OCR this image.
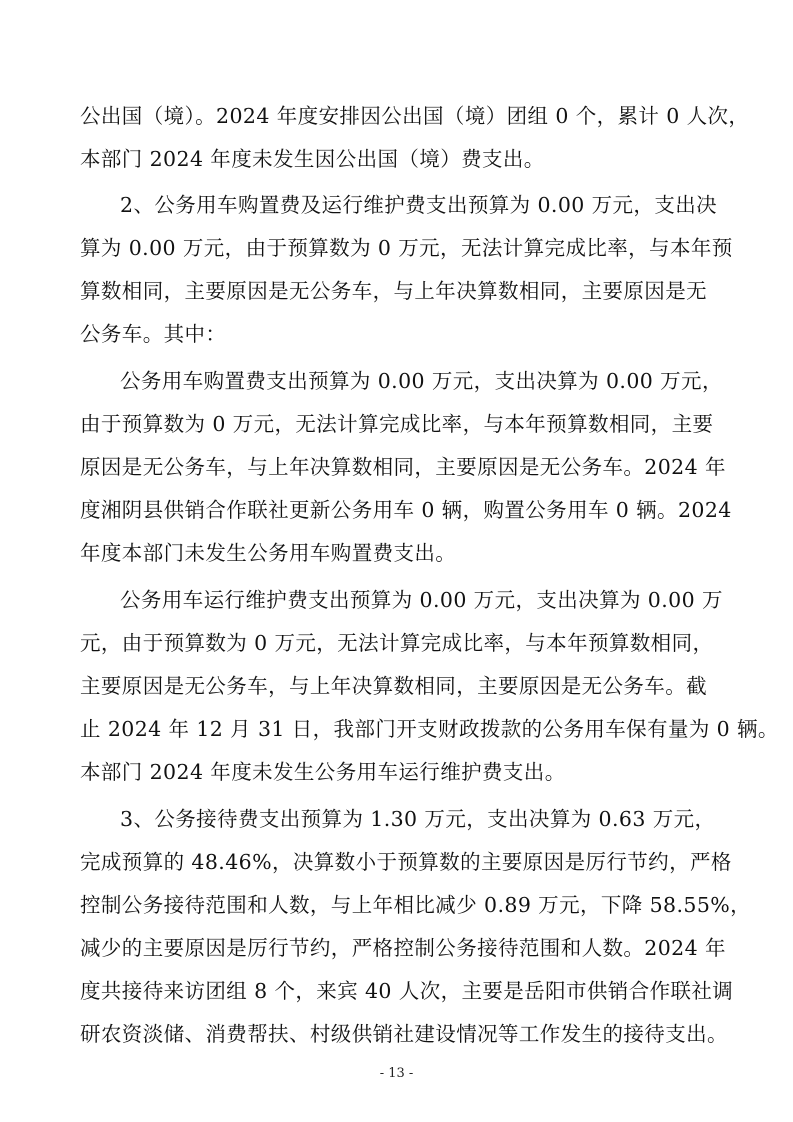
公出国（境）。2024 年度安排因公出国（境）团组 0 个，累计 0 人次，
本部门 2024 年度未发生因公出国（境）费支出。
2、公务用车购置费及运行维护费支出预算为 0.00 万元，支出决
算为 0.00 万元，由于预算数为 0 万元，无法计算完成比率，与本年预
算数相同，主要原因是无公务车，与上年决算数相同，主要原因是无
公务车。其中：
公务用车购置费支出预算为 0.00 万元，支出决算为 0.00 万元，
由于预算数为 0 万元，无法计算完成比率，与本年预算数相同，主要
原因是无公务车，与上年决算数相同，主要原因是无公务车。2024 年
度湘阴县供销合作联社更新公务用车 0 辆，购置公务用车 0 辆。2024
年度本部门未发生公务用车购置费支出。
公务用车运行维护费支出预算为 0.00 万元，支出决算为 0.00 万
元，由于预算数为 0 万元，无法计算完成比率，与本年预算数相同，
主要原因是无公务车，与上年决算数相同，主要原因是无公务车。截
止 2024 年 12 月 31 日，我部门开支财政拨款的公务用车保有量为 0 辆。
本部门 2024 年度未发生公务用车运行维护费支出。
3、公务接待费支出预算为 1.30 万元，支出决算为 0.63 万元，
完成预算的 48.46%，决算数小于预算数的主要原因是厉行节约，严格
控制公务接待范围和人数，与上年相比减少 0.89 万元，下降 58.55%，
减少的主要原因是厉行节约，严格控制公务接待范围和人数。2024 年
度共接待来访团组 8 个，来宾 40 人次，主要是岳阳市供销合作联社调
研农资淡储、消费帮扶、村级供销社建设情况等工作发生的接待支出。
- 13 -
